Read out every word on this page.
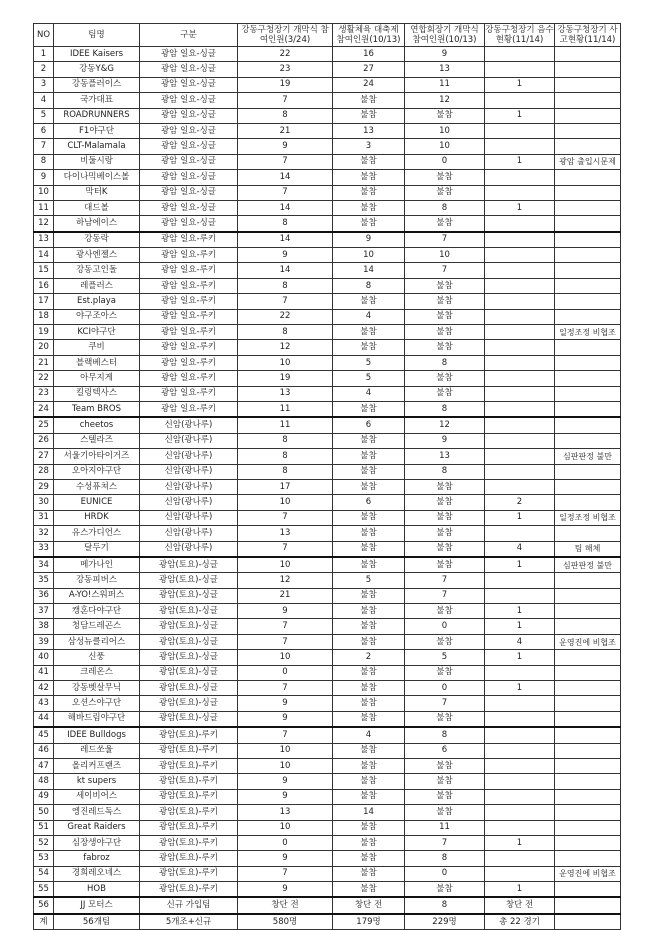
NO	팀명	구분	강동구청장기 개막식 참여인원(3/24)	생활체육 대축제 참여인원(10/13)	연합회장기 개막식 참여인원(10/13)	강동구청장기 음수현황(11/14)	강동구청장기 사고현황(11/14)
1	IDEE Kaisers	광암 일요-싱글	22	16	9		
2	강동Y&G	광암 일요-싱글	23	27	13		
3	강동플러이스	광암 일요-싱글	19	24	11	1	
4	국가대표	광암 일요-싱글	7	불참	12		
5	ROADRUNNERS	광암 일요-싱글	8	불참	불참	1	
6	F1야구단	광암 일요-싱글	21	13	10		
7	CLT-Malamala	광암 일요-싱글	9	3	10		
8	비둘시랑	광암 일요-싱글	7	불참	0	1	광암 출입시문제
9	다이나믹베이스볼	광암 일요-싱글	14	불참	불참		
10	막터K	광암 일요-싱글	7	불참	불참		
11	대드볼	광암 일요-싱글	14	불참	8	1	
12	하남에이스	광암 일요-싱글	8	불참	불참		
13	강동락	광암 일요-루키	14	9	7		
14	광사엔젤스	광암 일요-루키	9	10	10		
15	강동고인돌	광암 일요-루키	14	14	7		
16	레플러스	광암 일요-루키	8	8	불참		
17	Est.playa	광암 일요-루키	7	불참	불참		
18	야구조아스	광암 일요-루키	22	4	불참		
19	KCI야구단	광암 일요-루키	8	불참	불참		일정조정 비협조
20	쿠비	광암 일요-루키	12	불참	불참		
21	블랙베스터	광암 일요-루키	10	5	8		
22	아무지게	광암 일요-루키	19	5	불참		
23	킬링텍사스	광암 일요-루키	13	4	불참		
24	Team BROS	광암 일요-루키	11	불참	8		
25	cheetos	신암(광나루)	11	6	12		
26	스텔라즈	신암(광나루)	8	불참	9		
27	서울기아타이거즈	신암(광나루)	8	불참	13		심판판정 불만
28	오아지야구단	신암(광나루)	8	불참	8		
29	수성퓨쳐스	신암(광나루)	17	불참	불참		
30	EUNICE	신암(광나루)	10	6	불참	2	
31	HRDK	신암(광나루)	7	불참	불참	1	일정조정 비협조
32	유스가디언스	신암(광나루)	13	불참	불참		
33	달두기	신암(광나루)	7	불참	불참	4	팀 해체
34	메가나인	광암(토요)-싱글	10	불참	불참	1	심판판정 불만
35	강동피버스	광암(토요)-싱글	12	5	7		
36	A-YO!스워퍼스	광암(토요)-싱글	21	불참	7		
37	캥혼다야구단	광암(토요)-싱글	9	불참	불참	1	
38	청담드레곤스	광암(토요)-싱글	7	불참	0	1	
39	삼성뉴클리어스	광암(토요)-싱글	7	불참	불참	4	운영진에 비협조
40	신풍	광암(토요)-싱글	10	2	5	1	
41	크레온스	광암(토요)-싱글	0	불참	불참		
42	강동벳살무닉	광암(토요)-싱글	7	불참	0	1	
43	오션스야구단	광암(토요)-싱글	9	불참	7		
44	해바드림야구단	광암(토요)-싱글	9	불참	불참		
45	IDEE Bulldogs	광암(토요)-루키	7	4	8		
46	레드쏘울	광암(토요)-루키	10	불참	6		
47	올리커프랜즈	광암(토요)-루키	10	불참	불참		
48	kt supers	광암(토요)-루키	9	불참	불참		
49	세이비어스	광암(토요)-루키	9	불참	불참		
50	엥진레드독스	광암(토요)-루키	13	14	불참		
51	Great Raiders	광암(토요)-루키	10	불참	11		
52	심장생야구단	광암(토요)-루키	0	불참	7	1	
53	fabroz	광암(토요)-루키	9	불참	8		
54	경희레오네스	광암(토요)-루키	7	불참	0		운영진에 비협조
55	HOB	광암(토요)-루키	9	불참	불참	1	
56	JJ 모터스	신규 가입팀	창단 전	창단 전	8	창단 전	
계	56개팀	5개조+신규	580명	179명	229명	총 22 경기	
